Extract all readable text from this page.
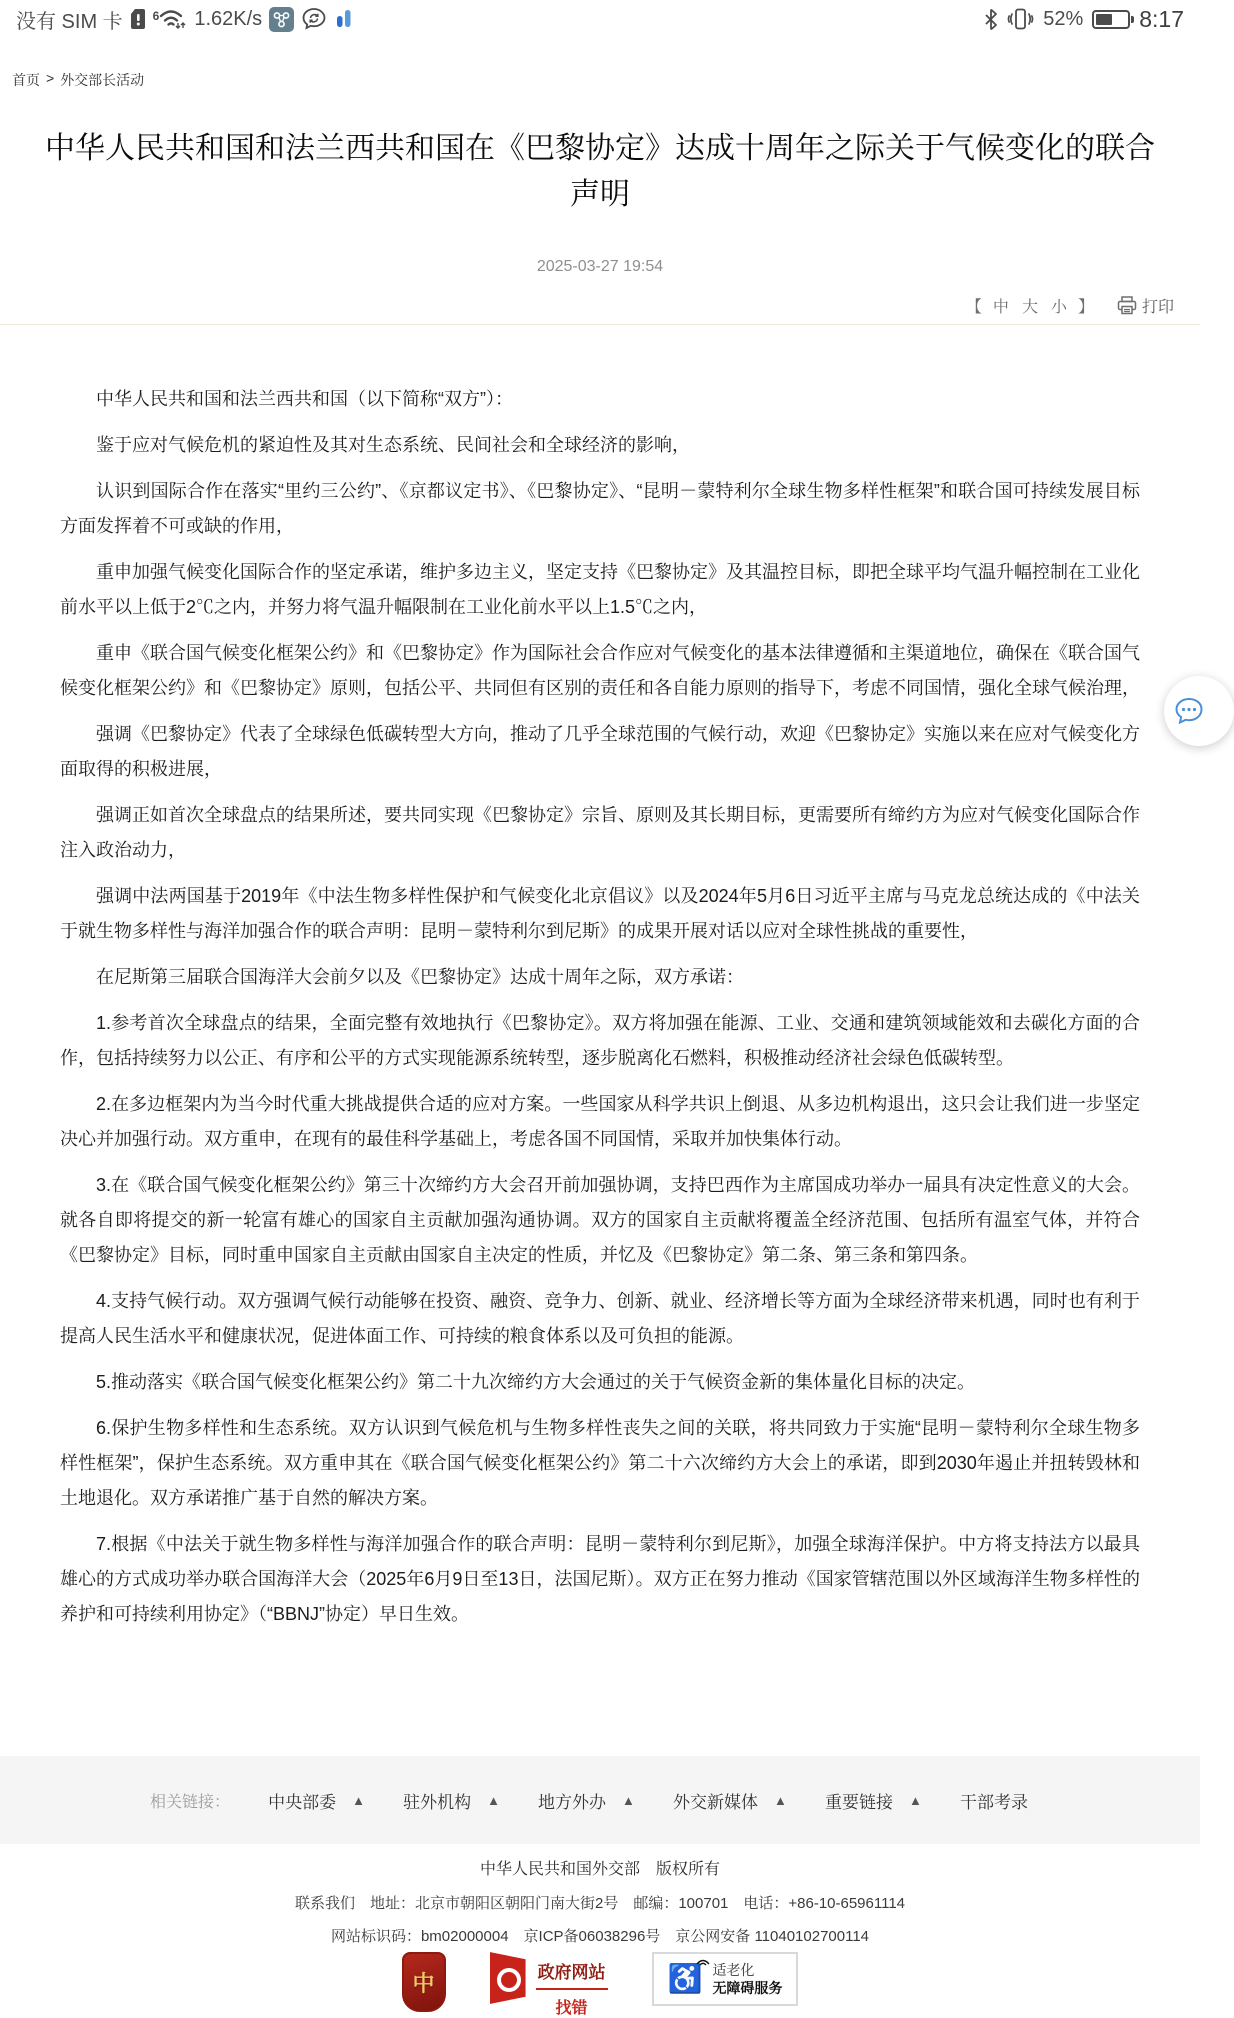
没有 SIM 卡	6 1.62K/s	52% 8:17
首页 > 外交部长活动
中华人民共和国和法兰西共和国在《巴黎协定》达成十周年之际关于气候变化的联合声明
2025-03-27 19:54
【 中 大 小 】	打印

中华人民共和国和法兰西共和国（以下简称“双方”）：

鉴于应对气候危机的紧迫性及其对生态系统、民间社会和全球经济的影响，

认识到国际合作在落实“里约三公约”、《京都议定书》、《巴黎协定》、“昆明－蒙特利尔全球生物多样性框架”和联合国可持续发展目标方面发挥着不可或缺的作用，

重申加强气候变化国际合作的坚定承诺，维护多边主义，坚定支持《巴黎协定》及其温控目标，即把全球平均气温升幅控制在工业化前水平以上低于2℃之内，并努力将气温升幅限制在工业化前水平以上1.5℃之内，

重申《联合国气候变化框架公约》和《巴黎协定》作为国际社会合作应对气候变化的基本法律遵循和主渠道地位，确保在《联合国气候变化框架公约》和《巴黎协定》原则，包括公平、共同但有区别的责任和各自能力原则的指导下，考虑不同国情，强化全球气候治理，

强调《巴黎协定》代表了全球绿色低碳转型大方向，推动了几乎全球范围的气候行动，欢迎《巴黎协定》实施以来在应对气候变化方面取得的积极进展，

强调正如首次全球盘点的结果所述，要共同实现《巴黎协定》宗旨、原则及其长期目标，更需要所有缔约方为应对气候变化国际合作注入政治动力，

强调中法两国基于2019年《中法生物多样性保护和气候变化北京倡议》以及2024年5月6日习近平主席与马克龙总统达成的《中法关于就生物多样性与海洋加强合作的联合声明：昆明－蒙特利尔到尼斯》的成果开展对话以应对全球性挑战的重要性，

在尼斯第三届联合国海洋大会前夕以及《巴黎协定》达成十周年之际，双方承诺：

1.参考首次全球盘点的结果，全面完整有效地执行《巴黎协定》。双方将加强在能源、工业、交通和建筑领域能效和去碳化方面的合作，包括持续努力以公正、有序和公平的方式实现能源系统转型，逐步脱离化石燃料，积极推动经济社会绿色低碳转型。

2.在多边框架内为当今时代重大挑战提供合适的应对方案。一些国家从科学共识上倒退、从多边机构退出，这只会让我们进一步坚定决心并加强行动。双方重申，在现有的最佳科学基础上，考虑各国不同国情，采取并加快集体行动。

3.在《联合国气候变化框架公约》第三十次缔约方大会召开前加强协调，支持巴西作为主席国成功举办一届具有决定性意义的大会。就各自即将提交的新一轮富有雄心的国家自主贡献加强沟通协调。双方的国家自主贡献将覆盖全经济范围、包括所有温室气体，并符合《巴黎协定》目标，同时重申国家自主贡献由国家自主决定的性质，并忆及《巴黎协定》第二条、第三条和第四条。

4.支持气候行动。双方强调气候行动能够在投资、融资、竞争力、创新、就业、经济增长等方面为全球经济带来机遇，同时也有利于提高人民生活水平和健康状况，促进体面工作、可持续的粮食体系以及可负担的能源。

5.推动落实《联合国气候变化框架公约》第二十九次缔约方大会通过的关于气候资金新的集体量化目标的决定。

6.保护生物多样性和生态系统。双方认识到气候危机与生物多样性丧失之间的关联，将共同致力于实施“昆明－蒙特利尔全球生物多样性框架”，保护生态系统。双方重申其在《联合国气候变化框架公约》第二十六次缔约方大会上的承诺，即到2030年遏止并扭转毁林和土地退化。双方承诺推广基于自然的解决方案。

7.根据《中法关于就生物多样性与海洋加强合作的联合声明：昆明－蒙特利尔到尼斯》，加强全球海洋保护。中方将支持法方以最具雄心的方式成功举办联合国海洋大会（2025年6月9日至13日，法国尼斯）。双方正在努力推动《国家管辖范围以外区域海洋生物多样性的养护和可持续利用协定》（“BBNJ”协定）早日生效。

相关链接： 中央部委 ▲ 驻外机构 ▲ 地方外办 ▲ 外交新媒体 ▲ 重要链接 ▲ 干部考录
中华人民共和国外交部　版权所有
联系我们　地址：北京市朝阳区朝阳门南大街2号　邮编：100701　电话：+86-10-65961114
网站标识码：bm02000004　京ICP备06038296号　京公网安备 11040102700114
中	政府网站
找错
♿ 适老化
无障碍服务
